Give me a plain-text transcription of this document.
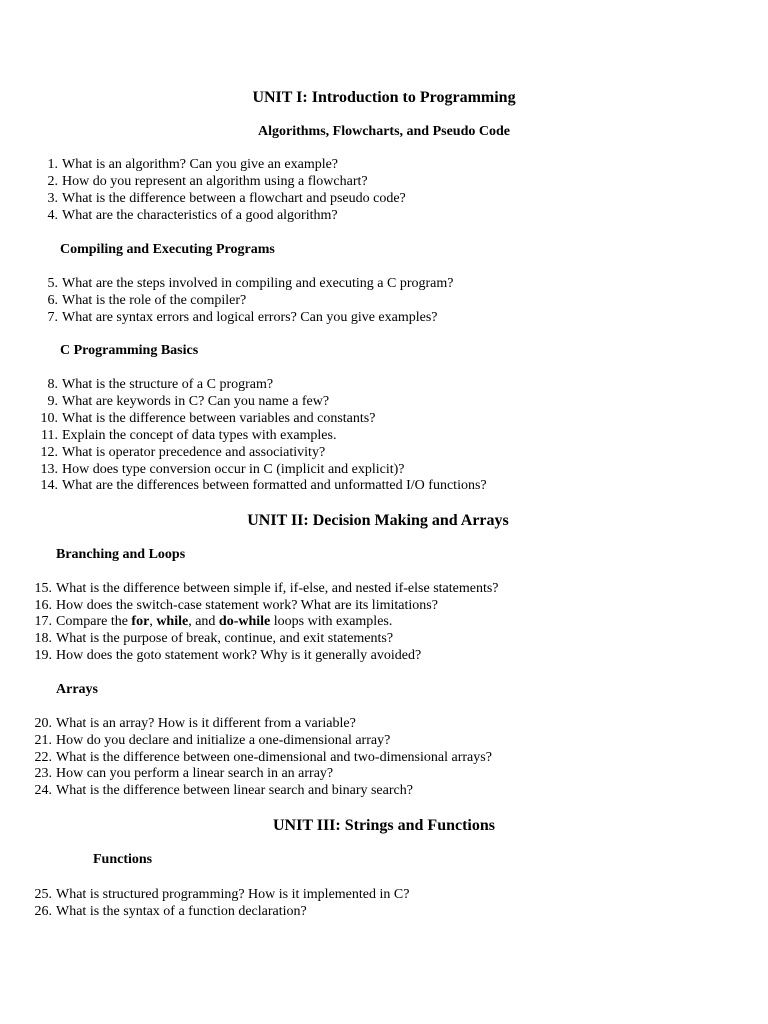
UNIT I: Introduction to Programming
Algorithms, Flowcharts, and Pseudo Code
1. What is an algorithm? Can you give an example?
2. How do you represent an algorithm using a flowchart?
3. What is the difference between a flowchart and pseudo code?
4. What are the characteristics of a good algorithm?
Compiling and Executing Programs
5. What are the steps involved in compiling and executing a C program?
6. What is the role of the compiler?
7. What are syntax errors and logical errors? Can you give examples?
C Programming Basics
8. What is the structure of a C program?
9. What are keywords in C? Can you name a few?
10. What is the difference between variables and constants?
11. Explain the concept of data types with examples.
12. What is operator precedence and associativity?
13. How does type conversion occur in C (implicit and explicit)?
14. What are the differences between formatted and unformatted I/O functions?
UNIT II: Decision Making and Arrays
Branching and Loops
15. What is the difference between simple if, if-else, and nested if-else statements?
16. How does the switch-case statement work? What are its limitations?
17. Compare the for, while, and do-while loops with examples.
18. What is the purpose of break, continue, and exit statements?
19. How does the goto statement work? Why is it generally avoided?
Arrays
20. What is an array? How is it different from a variable?
21. How do you declare and initialize a one-dimensional array?
22. What is the difference between one-dimensional and two-dimensional arrays?
23. How can you perform a linear search in an array?
24. What is the difference between linear search and binary search?
UNIT III: Strings and Functions
Functions
25. What is structured programming? How is it implemented in C?
26. What is the syntax of a function declaration?
